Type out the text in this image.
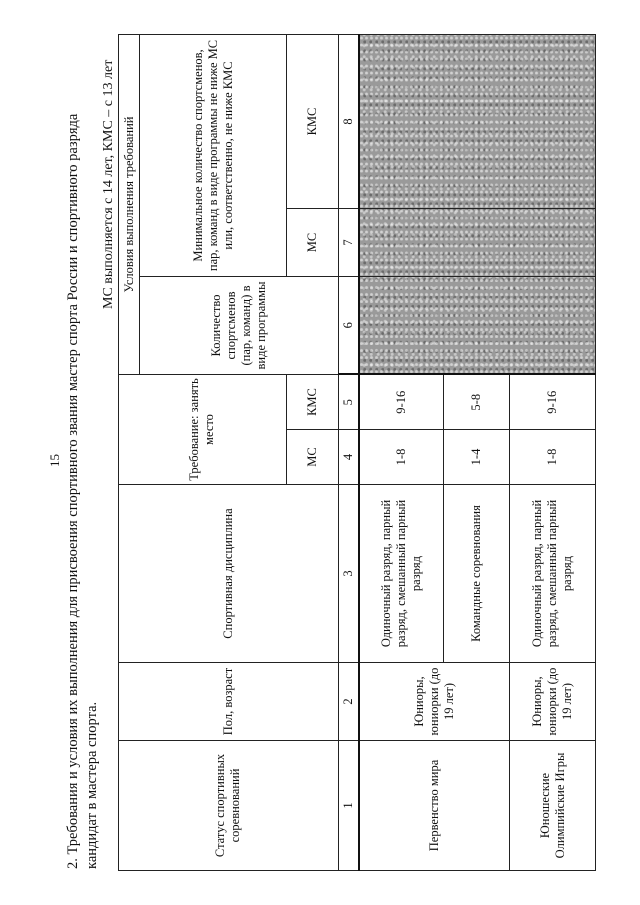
15 2. Требования и условия их выполнения для присвоения спортивного звания мастер спорта России и спортивного разряда кандидат в мастера спорта.
МС выполняется с 14 лет, КМС – с 13 лет
Статус спортивных соревнований	Пол, возраст	Спортивная дисциплина	Требование: занять место		Условия выполнения требований		
					Количество спортсменов (пар, команд) в виде программы	Минимальное количество спортсменов, пар, команд в виде программы не ниже МС или, соответственно, не ниже КМС	
			МС	КМС		МС	КМС
1	2	3	4	5	6	7	8
Первенство мира	Юниоры, юниорки (до 19 лет)	Одиночный разряд, парный разряд, смешанный парный разряд	1-8	9-16			
		Командные соревнования	1-4	5-8			
Юношеские Олимпийские Игры	Юниоры, юниорки (до 19 лет)	Одиночный разряд, парный разряд, смешанный парный разряд	1-8	9-16			
